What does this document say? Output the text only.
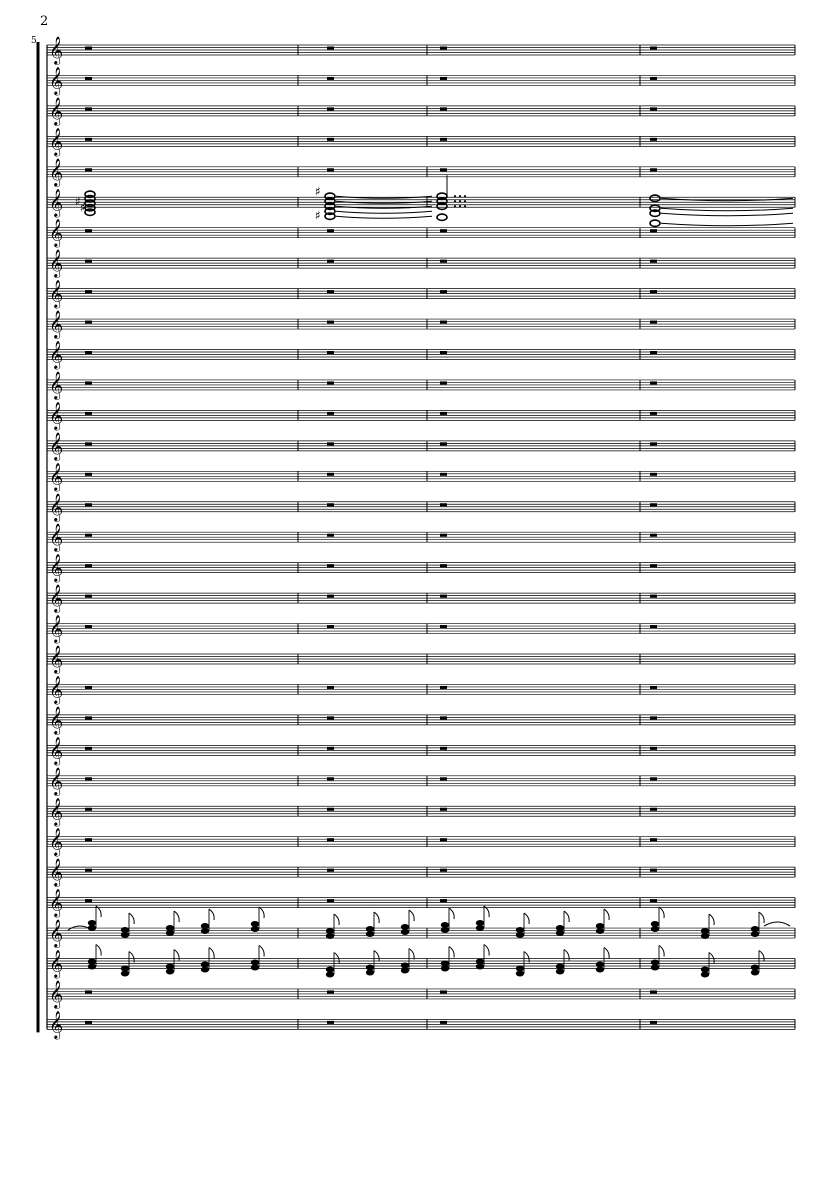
2
5 𝄞
𝄞
𝄞
𝄞
𝄞
𝄞 ♯ ♯
♯
♯
𝄞
𝄞
𝄞
𝄞
𝄞
𝄞
𝄞
𝄞
𝄞
𝄞
𝄞
𝄞
𝄞
𝄞
𝄞
𝄞
𝄞
𝄞
𝄞
𝄞
𝄞
𝄞
𝄞
𝄞
𝄞
𝄞
𝄞
